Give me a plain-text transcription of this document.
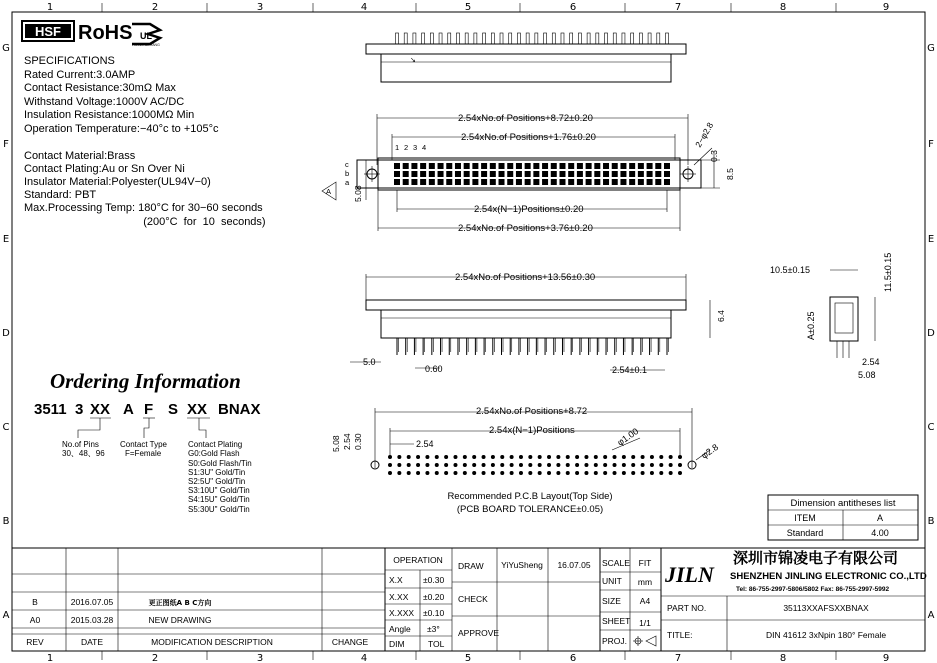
1	2	3	4	5	6	7	8	9
1	2	3	4	5	6	7	8	9
G
F
E
D
C
B
A
G
F
E
D
C
B
A
HSF RoHS UL
PLANO-BEHANG
SPECIFICATIONS
Rated Current:3.0AMP
Contact Resistance:30mΩ Max
Withstand Voltage:1000V AC/DC
Insulation Resistance:1000MΩ Min
Operation Temperature:−40°c to +105°c
Contact Material:Brass
Contact Plating:Au or Sn Over Ni
Insulator Material:Polyester(UL94V−0)
Standard: PBT
Max.Processing Temp: 180°C for 30−60 seconds
(200°C  for  10  seconds)
Ordering Information
3511 3 XX A F S XX BNAX
No.of Pins
30、48、96
Contact Type
F=Female
Contact Plating
G0:Gold Flash
S0:Gold Flash/Tin
S1:3U" Gold/Tin
S2:5U" Gold/Tin
S3:10U" Gold/Tin
S4:15U" Gold/Tin
S5:30U" Gold/Tin
↘
2.54xNo.of Positions+8.72±0.20
2.54xNo.of Positions+1.76±0.20
2.54x(N−1)Positions±0.20
2.54xNo.of Positions+3.76±0.20
2−φ2.8
0.3
8.5
5.08
1 2 3 4
c
b
a
A
2.54xNo.of Positions+13.56±0.30
6.4
5.0
0.60	2.54±0.1
10.5±0.15	11.5±0.15
A±0.25
2.54
5.08
2.54xNo.of Positions+8.72
2.54x(N−1)Positions
2.54
5.08 2.54 0.30	φ1.00
φ2.8
Recommended P.C.B Layout(Top Side)
(PCB BOARD TOLERANCE±0.05)
Dimension antitheses list
ITEM	A
Standard	4.00
B	2016.07.05	更正图纸A B C方向
A0	2015.03.28	NEW DRAWING
REV	DATE	MODIFICATION DESCRIPTION	CHANGE
OPERATION
X.X ±0.30
X.XX ±0.20
X.XXX ±0.10
Angle ±3°
DIM	TOL
DRAW YiYuSheng 16.07.05
CHECK
APPROVE
SCALE FIT
UNIT mm
SIZE A4
SHEET 1/1
PROJ.
JILN
深圳市锦凌电子有限公司
SHENZHEN JINLING ELECTRONIC CO.,LTD
Tel: 86-755-2997-5806/5802 Fax: 86-755-2997-5992
PART NO.	35113XXAFSXXBNAX
TITLE:	DIN 41612 3xNpin 180° Female
